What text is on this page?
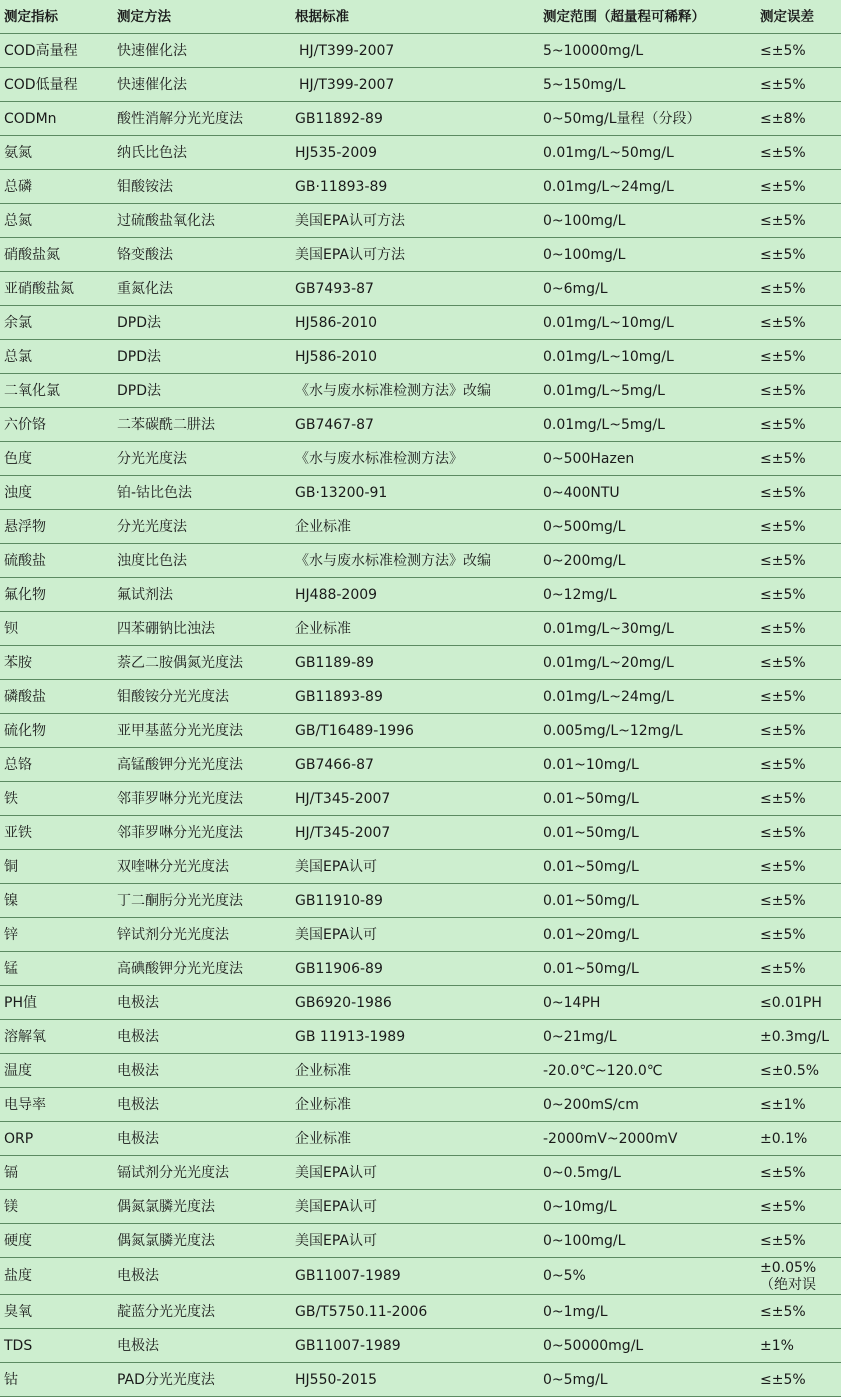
测定指标	测定方法	根据标准	测定范围（超量程可稀释）	测定误差
COD高量程	快速催化法	HJ/T399-2007	5~10000mg/L	≤±5%
COD低量程	快速催化法	HJ/T399-2007	5~150mg/L	≤±5%
CODMn	酸性消解分光光度法	GB11892-89	0~50mg/L量程（分段）	≤±8%
氨氮	纳氏比色法	HJ535-2009	0.01mg/L~50mg/L	≤±5%
总磷	钼酸铵法	GB·11893-89	0.01mg/L~24mg/L	≤±5%
总氮	过硫酸盐氧化法	美国EPA认可方法	0~100mg/L	≤±5%
硝酸盐氮	铬变酸法	美国EPA认可方法	0~100mg/L	≤±5%
亚硝酸盐氮	重氮化法	GB7493-87	0~6mg/L	≤±5%
余氯	DPD法	HJ586-2010	0.01mg/L~10mg/L	≤±5%
总氯	DPD法	HJ586-2010	0.01mg/L~10mg/L	≤±5%
二氧化氯	DPD法	《水与废水标准检测方法》改编	0.01mg/L~5mg/L	≤±5%
六价铬	二苯碳酰二肼法	GB7467-87	0.01mg/L~5mg/L	≤±5%
色度	分光光度法	《水与废水标准检测方法》	0~500Hazen	≤±5%
浊度	铂-钴比色法	GB·13200-91	0~400NTU	≤±5%
悬浮物	分光光度法	企业标准	0~500mg/L	≤±5%
硫酸盐	浊度比色法	《水与废水标准检测方法》改编	0~200mg/L	≤±5%
氟化物	氟试剂法	HJ488-2009	0~12mg/L	≤±5%
钡	四苯硼钠比浊法	企业标准	0.01mg/L~30mg/L	≤±5%
苯胺	萘乙二胺偶氮光度法	GB1189-89	0.01mg/L~20mg/L	≤±5%
磷酸盐	钼酸铵分光光度法	GB11893-89	0.01mg/L~24mg/L	≤±5%
硫化物	亚甲基蓝分光光度法	GB/T16489-1996	0.005mg/L~12mg/L	≤±5%
总铬	高锰酸钾分光光度法	GB7466-87	0.01~10mg/L	≤±5%
铁	邻菲罗啉分光光度法	HJ/T345-2007	0.01~50mg/L	≤±5%
亚铁	邻菲罗啉分光光度法	HJ/T345-2007	0.01~50mg/L	≤±5%
铜	双喹啉分光光度法	美国EPA认可	0.01~50mg/L	≤±5%
镍	丁二酮肟分光光度法	GB11910-89	0.01~50mg/L	≤±5%
锌	锌试剂分光光度法	美国EPA认可	0.01~20mg/L	≤±5%
锰	高碘酸钾分光光度法	GB11906-89	0.01~50mg/L	≤±5%
PH值	电极法	GB6920-1986	0~14PH	≤0.01PH
溶解氧	电极法	GB 11913-1989	0~21mg/L	±0.3mg/L
温度	电极法	企业标准	-20.0℃~120.0℃	≤±0.5%
电导率	电极法	企业标准	0~200mS/cm	≤±1%
ORP	电极法	企业标准	-2000mV~2000mV	±0.1%
镉	镉试剂分光光度法	美国EPA认可	0~0.5mg/L	≤±5%
镁	偶氮氯膦光度法	美国EPA认可	0~10mg/L	≤±5%
硬度	偶氮氯膦光度法	美国EPA认可	0~100mg/L	≤±5%
盐度	电极法	GB11007-1989	0~5%	±0.05%（绝对误
臭氧	靛蓝分光光度法	GB/T5750.11-2006	0~1mg/L	≤±5%
TDS	电极法	GB11007-1989	0~50000mg/L	±1%
钴	PAD分光光度法	HJ550-2015	0~5mg/L	≤±5%
